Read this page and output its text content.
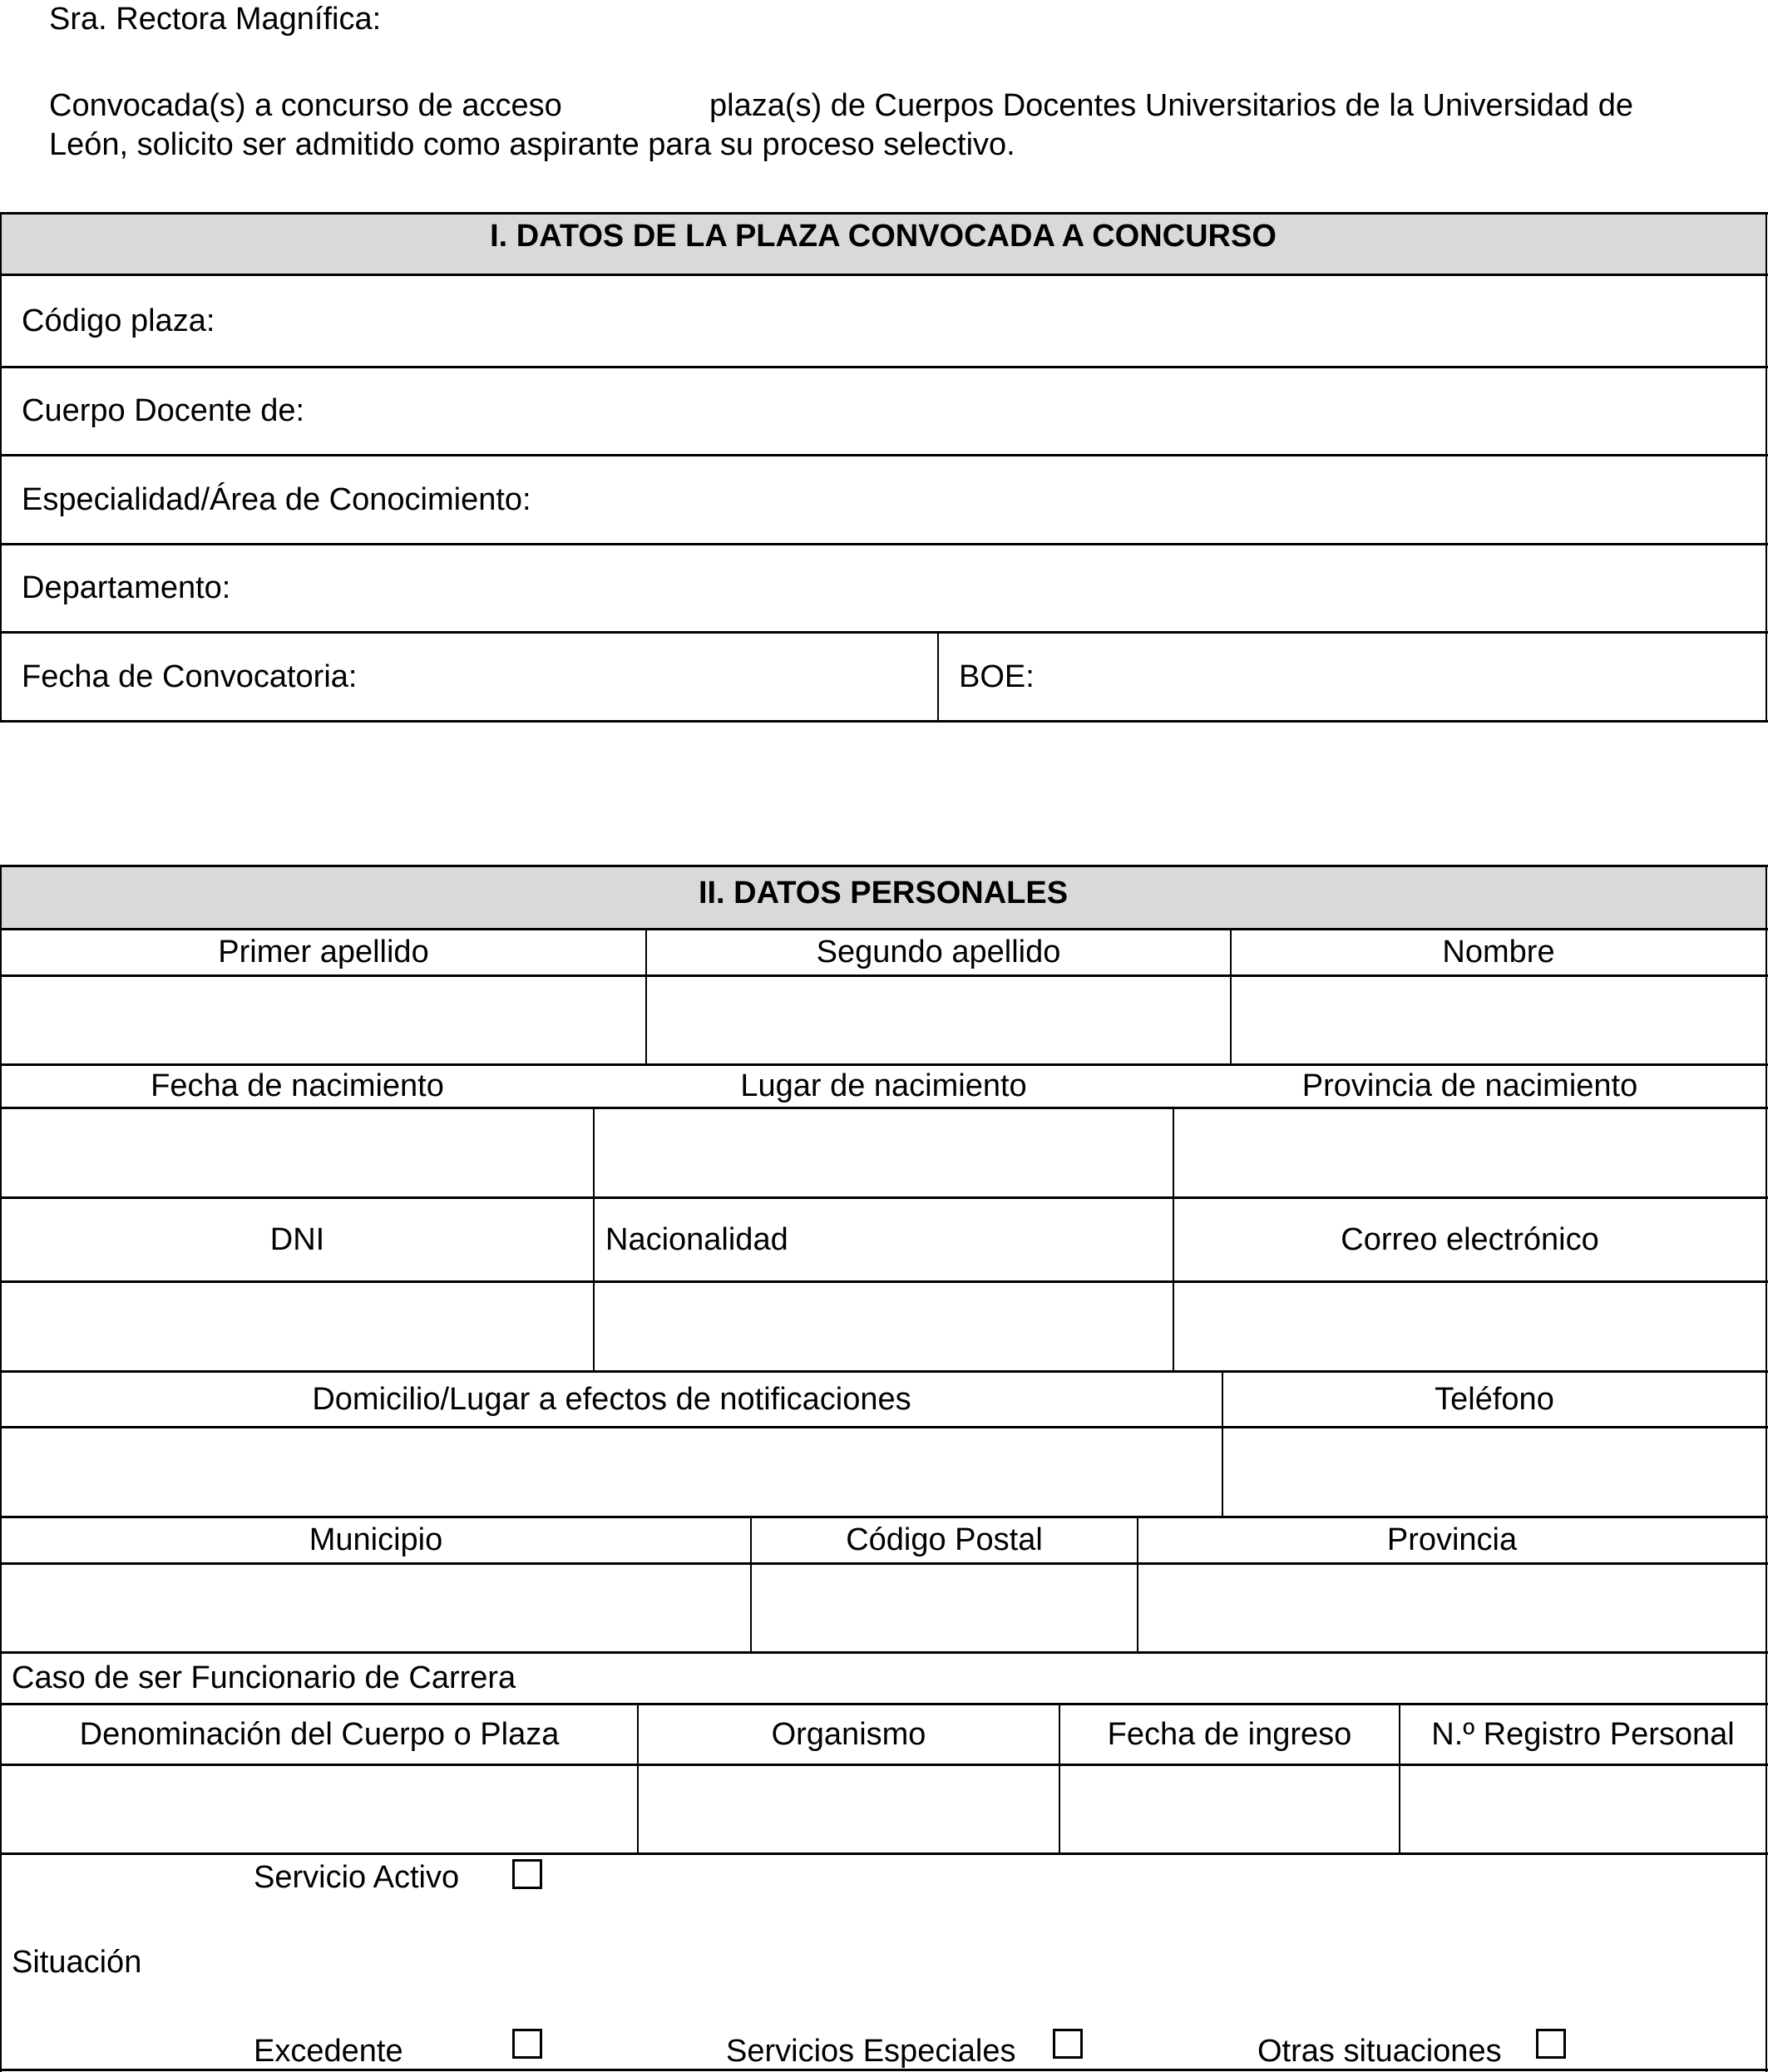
Sra. Rectora Magnífica:
Convocada(s) a concurso de acceso	plaza(s) de Cuerpos Docentes Universitarios de la Universidad de
León, solicito ser admitido como aspirante para su proceso selectivo.
I. DATOS DE LA PLAZA CONVOCADA A CONCURSO
Código plaza:
Cuerpo Docente de:
Especialidad/Área de Conocimiento:
Departamento:
Fecha de Convocatoria:	BOE:
II. DATOS PERSONALES
Primer apellido	Segundo apellido	Nombre
Fecha de nacimiento	Lugar de nacimiento	Provincia de nacimiento
DNI	Nacionalidad	Correo electrónico
Domicilio/Lugar a efectos de notificaciones	Teléfono
Municipio	Código Postal	Provincia
Caso de ser Funcionario de Carrera
Denominación del Cuerpo o Plaza	Organismo	Fecha de ingreso	N.º Registro Personal
Situación
Servicio Activo
Excedente	Servicios Especiales	Otras situaciones
